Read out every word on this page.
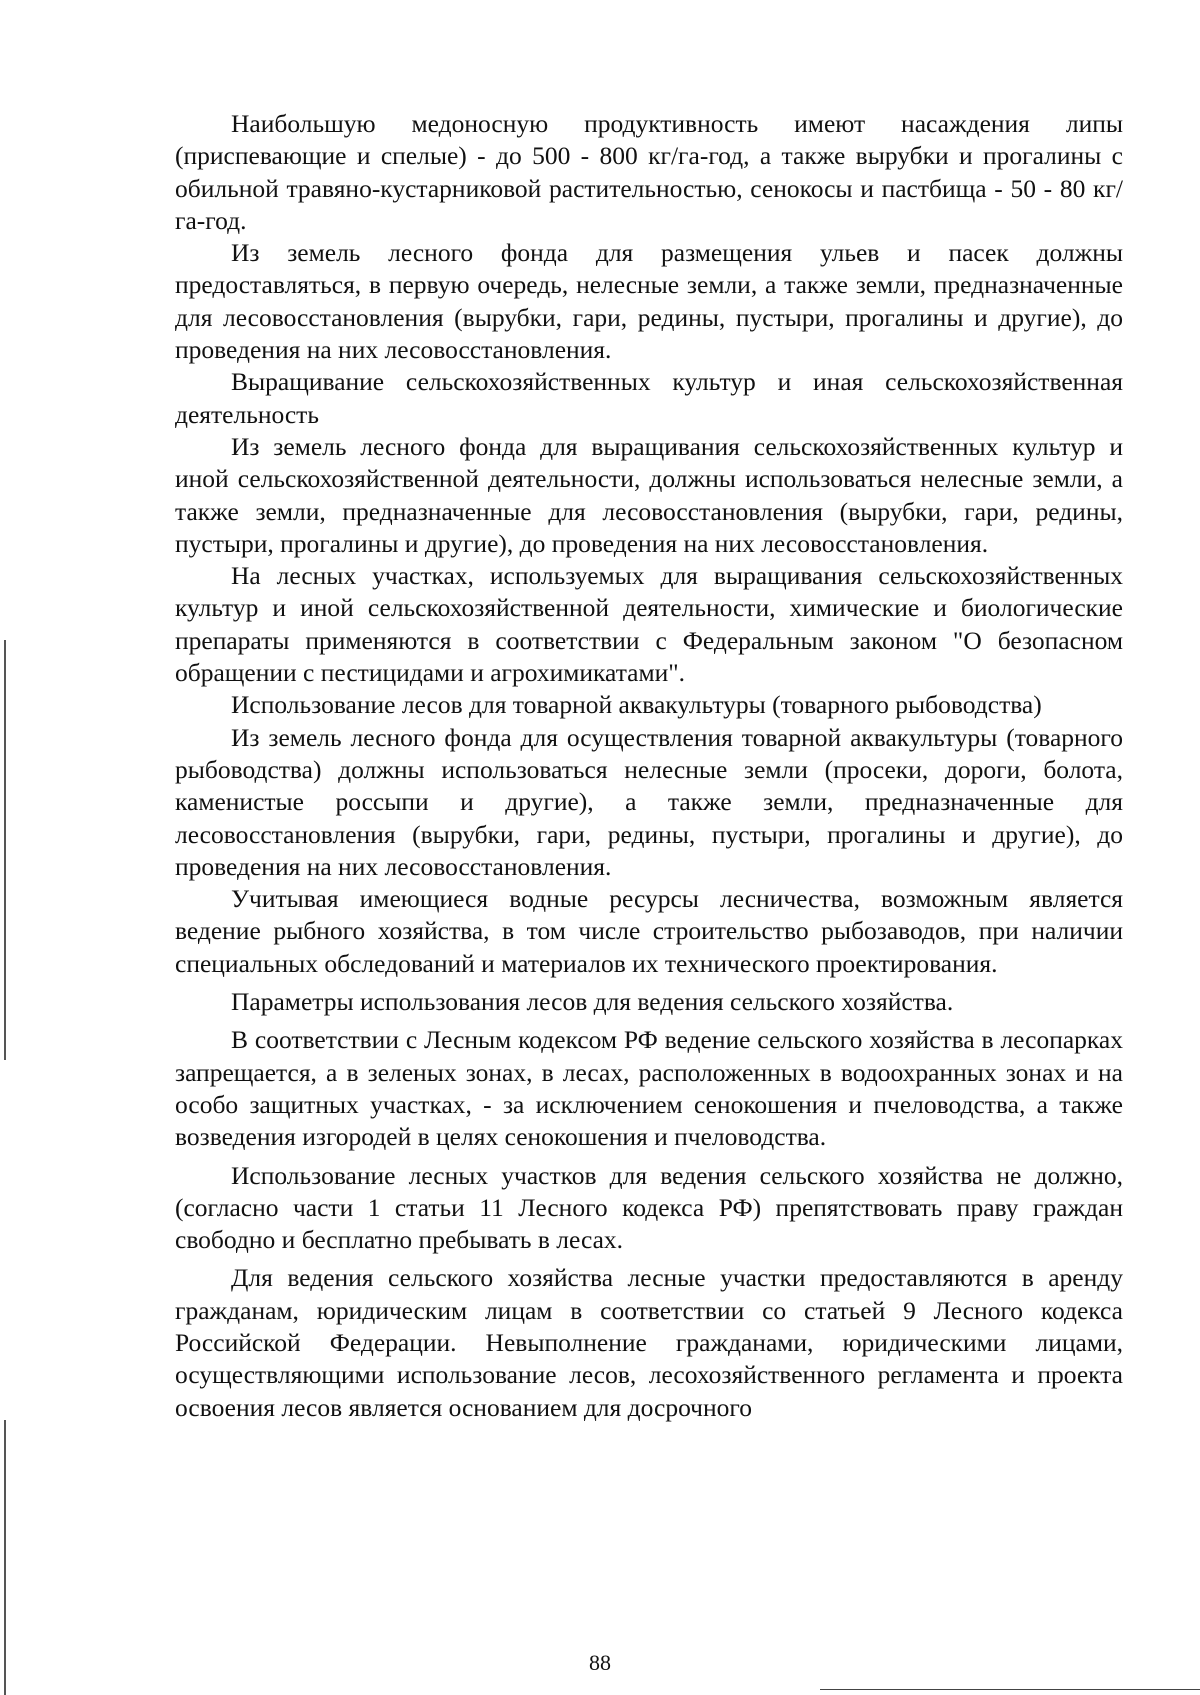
Наибольшую медоносную продуктивность имеют насаждения липы (приспевающие и спелые) - до 500 - 800 кг/га-год, а также вырубки и прогалины с обильной травяно-кустарниковой растительностью, сенокосы и пастбища - 50 - 80 кг/га-год.

Из земель лесного фонда для размещения ульев и пасек должны предоставляться, в первую очередь, нелесные земли, а также земли, предназначенные для лесовосстановления (вырубки, гари, редины, пустыри, прогалины и другие), до проведения на них лесовосстановления.

Выращивание сельскохозяйственных культур и иная сельскохозяйственная деятельность

Из земель лесного фонда для выращивания сельскохозяйственных культур и иной сельскохозяйственной деятельности, должны использоваться нелесные земли, а также земли, предназначенные для лесовосстановления (вырубки, гари, редины, пустыри, прогалины и другие), до проведения на них лесовосстановления.

На лесных участках, используемых для выращивания сельскохозяйственных культур и иной сельскохозяйственной деятельности, химические и биологические препараты применяются в соответствии с Федеральным законом "О безопасном обращении с пестицидами и агрохимикатами".

Использование лесов для товарной аквакультуры (товарного рыбоводства)

Из земель лесного фонда для осуществления товарной аквакультуры (товарного рыбоводства) должны использоваться нелесные земли (просеки, дороги, болота, каменистые россыпи и другие), а также земли, предназначенные для лесовосстановления (вырубки, гари, редины, пустыри, прогалины и другие), до проведения на них лесовосстановления.

Учитывая имеющиеся водные ресурсы лесничества, возможным является ведение рыбного хозяйства, в том числе строительство рыбозаводов, при наличии специальных обследований и материалов их технического проектирования.

Параметры использования лесов для ведения сельского хозяйства.

В соответствии с Лесным кодексом РФ ведение сельского хозяйства в лесопарках запрещается, а в зеленых зонах, в лесах, расположенных в водоохранных зонах и на особо защитных участках, - за исключением сенокошения и пчеловодства, а также возведения изгородей в целях сенокошения и пчеловодства.

Использование лесных участков для ведения сельского хозяйства не должно, (согласно части 1 статьи 11 Лесного кодекса РФ) препятствовать праву граждан свободно и бесплатно пребывать в лесах.

Для ведения сельского хозяйства лесные участки предоставляются в аренду гражданам, юридическим лицам в соответствии со статьей 9 Лесного кодекса Российской Федерации. Невыполнение гражданами, юридическими лицами, осуществляющими использование лесов, лесохозяйственного регламента и проекта освоения лесов является основанием для досрочного

88
